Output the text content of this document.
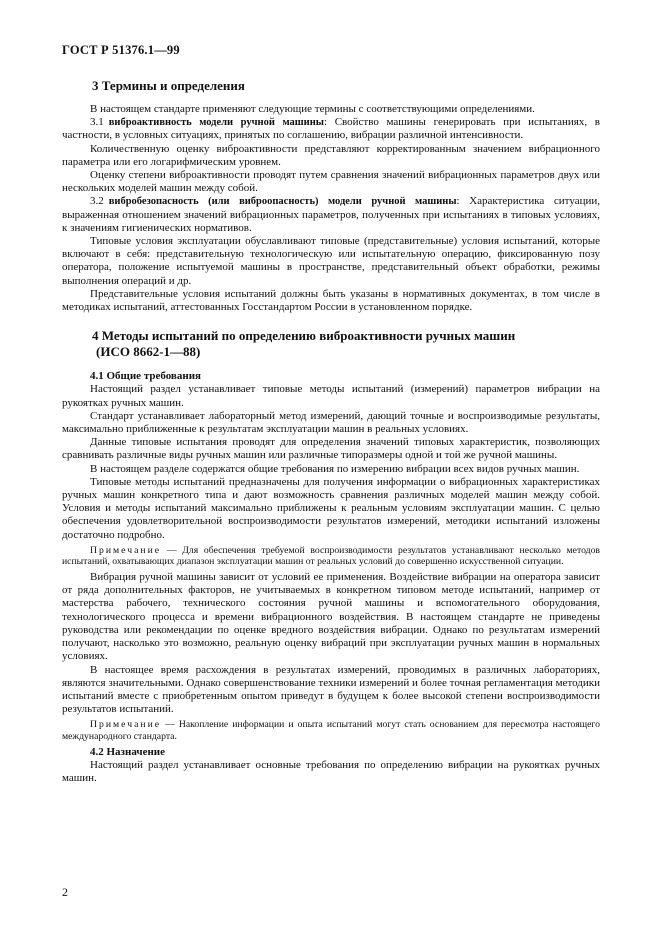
ГОСТ Р 51376.1—99
3 Термины и определения

В настоящем стандарте применяют следующие термины с соответствующими определениями.

3.1 виброактивность модели ручной машины: Свойство машины генерировать при испытаниях, в частности, в условных ситуациях, принятых по соглашению, вибрации различной интенсивности.

Количественную оценку виброактивности представляют корректированным значением вибрационного параметра или его логарифмическим уровнем.

Оценку степени виброактивности проводят путем сравнения значений вибрационных параметров двух или нескольких моделей машин между собой.

3.2 вибробезопасность (или виброопасность) модели ручной машины: Характеристика ситуации, выраженная отношением значений вибрационных параметров, полученных при испытаниях в типовых условиях, к значениям гигиенических нормативов.

Типовые условия эксплуатации обуславливают типовые (представительные) условия испытаний, которые включают в себя: представительную технологическую или испытательную операцию, фиксированную позу оператора, положение испытуемой машины в пространстве, представительный объект обработки, режимы выполнения операций и др.

Представительные условия испытаний должны быть указаны в нормативных документах, в том числе в методиках испытаний, аттестованных Госстандартом России в установленном порядке.

4 Методы испытаний по определению виброактивности ручных машин
(ИСО 8662-1—88)
4.1 Общие требования

Настоящий раздел устанавливает типовые методы испытаний (измерений) параметров вибрации на рукоятках ручных машин.

Стандарт устанавливает лабораторный метод измерений, дающий точные и воспроизводимые результаты, максимально приближенные к результатам эксплуатации машин в реальных условиях.

Данные типовые испытания проводят для определения значений типовых характеристик, позволяющих сравнивать различные виды ручных машин или различные типоразмеры одной и той же ручной машины.

В настоящем разделе содержатся общие требования по измерению вибрации всех видов ручных машин.

Типовые методы испытаний предназначены для получения информации о вибрационных характеристиках ручных машин конкретного типа и дают возможность сравнения различных моделей машин между собой. Условия и методы испытаний максимально приближены к реальным условиям эксплуатации машин. С целью обеспечения удовлетворительной воспроизводимости результатов измерений, методики испытаний изложены достаточно подробно.

Примечание — Для обеспечения требуемой воспроизводимости результатов устанавливают несколько методов испытаний, охватывающих диапазон эксплуатации машин от реальных условий до совершенно искусственной ситуации.

Вибрация ручной машины зависит от условий ее применения. Воздействие вибрации на оператора зависит от ряда дополнительных факторов, не учитываемых в конкретном типовом методе испытаний, например от мастерства рабочего, технического состояния ручной машины и вспомогательного оборудования, технологического процесса и времени вибрационного воздействия. В настоящем стандарте не приведены руководства или рекомендации по оценке вредного воздействия вибрации. Однако по результатам измерений получают, насколько это возможно, реальную оценку вибраций при эксплуатации ручных машин в нормальных условиях.

В настоящее время расхождения в результатах измерений, проводимых в различных лабораториях, являются значительными. Однако совершенствование техники измерений и более точная регламентация методики испытаний вместе с приобретенным опытом приведут в будущем к более высокой степени воспроизводимости результатов испытаний.

Примечание — Накопление информации и опыта испытаний могут стать основанием для пересмотра настоящего международного стандарта.

4.2 Назначение

Настоящий раздел устанавливает основные требования по определению вибрации на рукоятках ручных машин.

2
